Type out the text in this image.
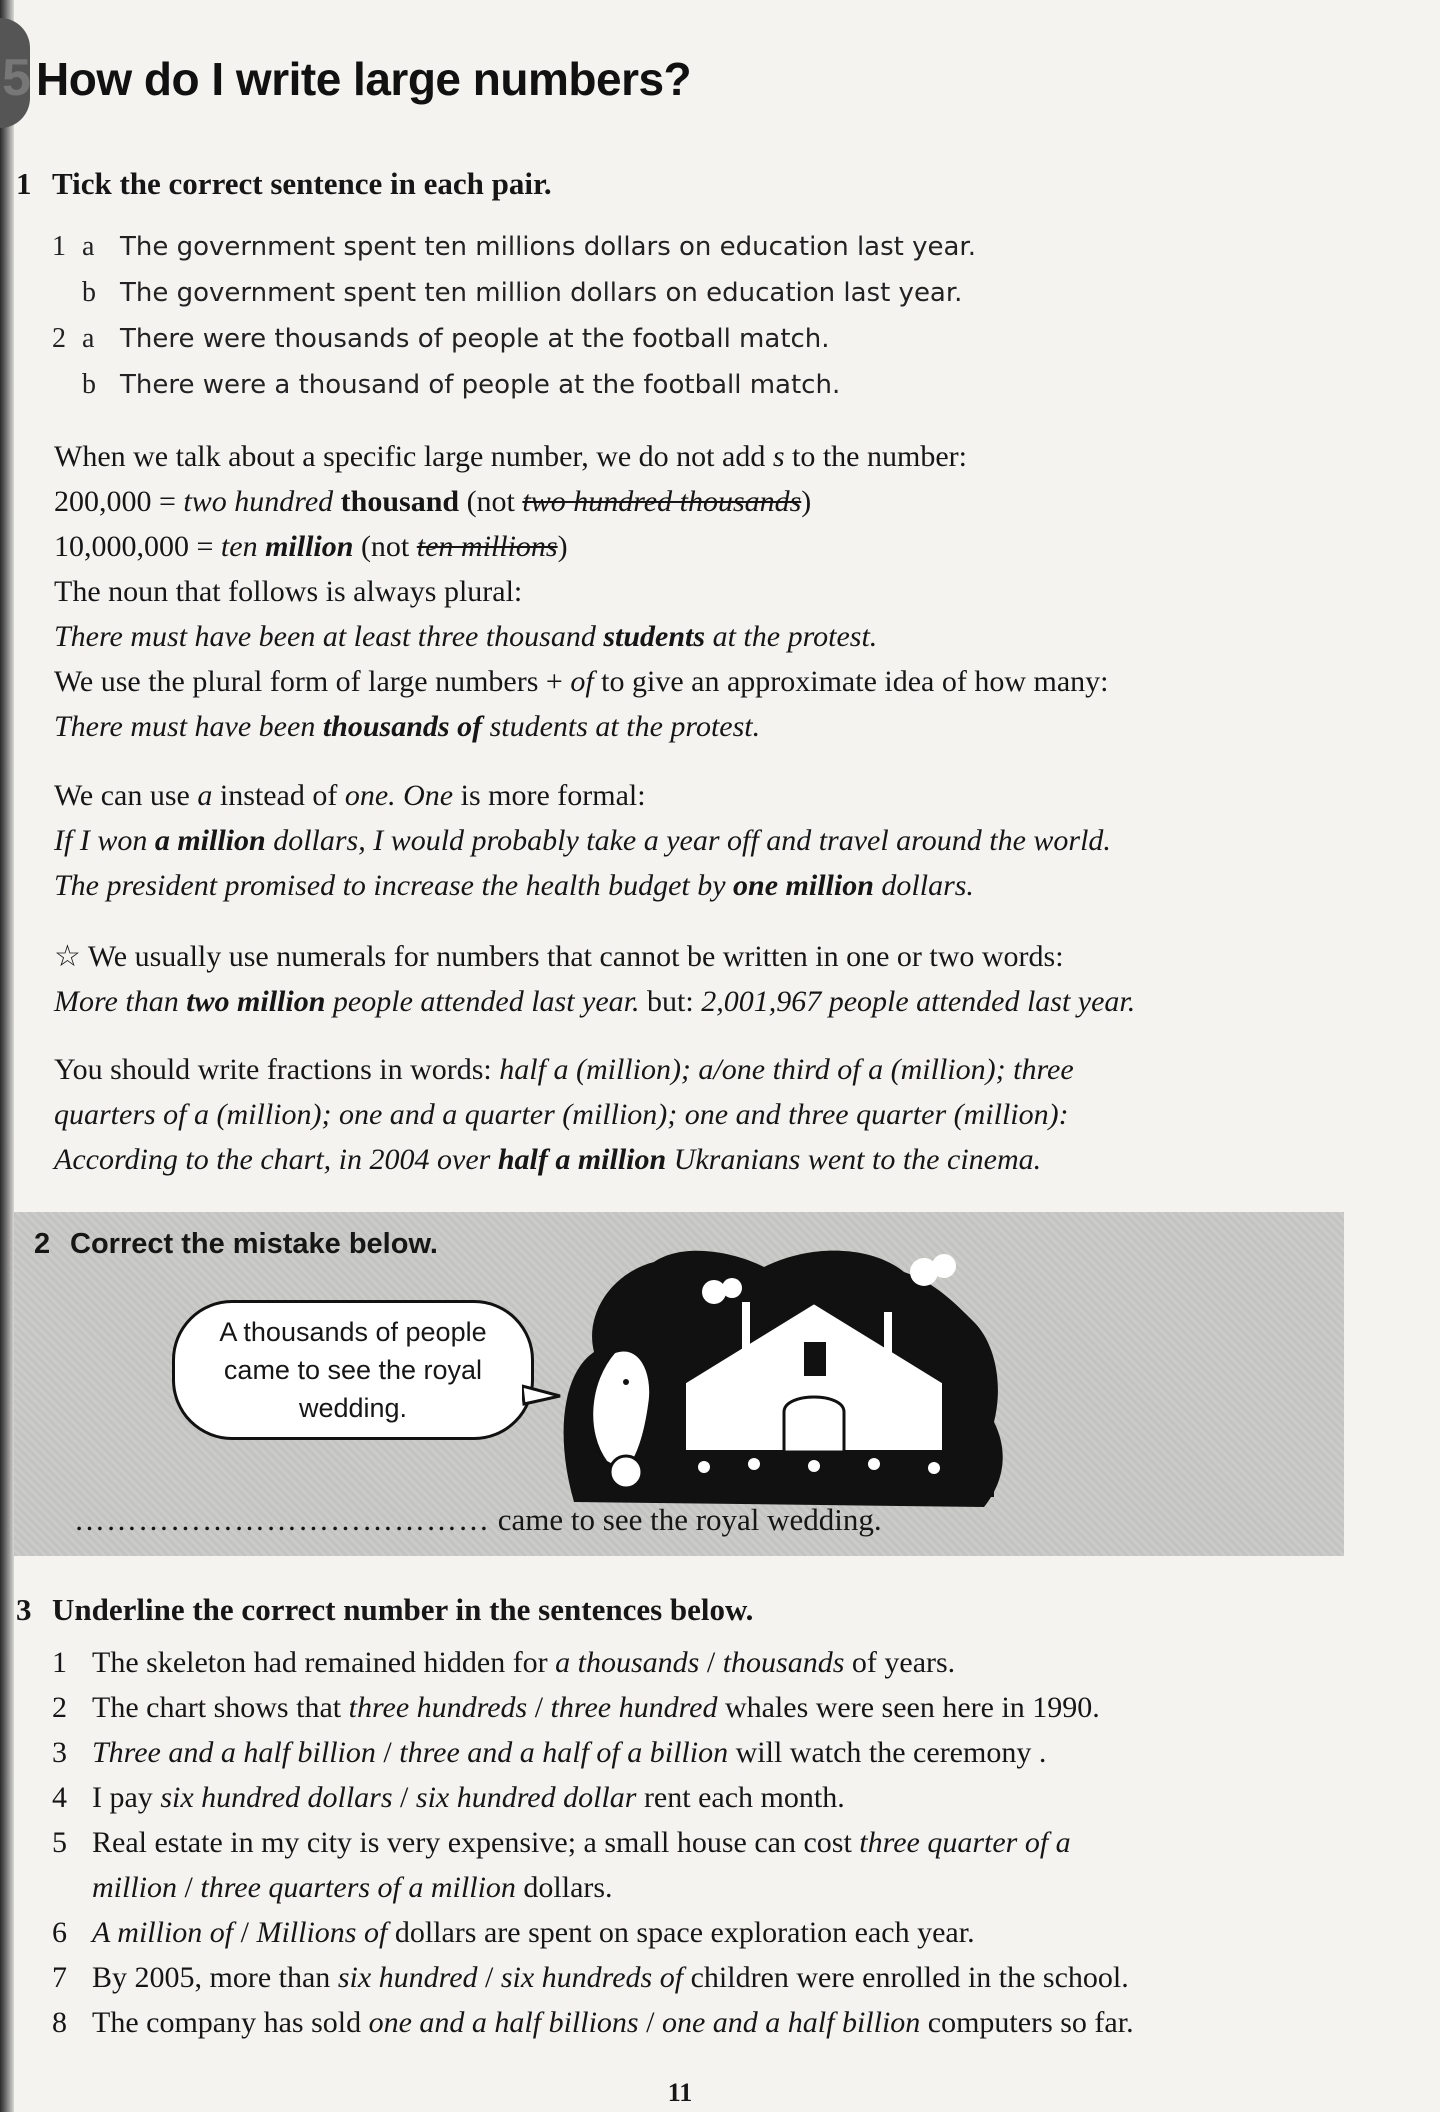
5 How do I write large numbers?
1 Tick the correct sentence in each pair.
1 a The government spent ten millions dollars on education last year.
b The government spent ten million dollars on education last year.
2 a There were thousands of people at the football match.
b There were a thousand of people at the football match.

When we talk about a specific large number, we do not add s to the number:

200,000 = two hundred thousand (not two hundred thousands)

10,000,000 = ten million (not ten millions)

The noun that follows is always plural:

There must have been at least three thousand students at the protest.

We use the plural form of large numbers + of to give an approximate idea of how many:

There must have been thousands of students at the protest.

We can use a instead of one. One is more formal:

If I won a million dollars, I would probably take a year off and travel around the world.

The president promised to increase the health budget by one million dollars.

☆ We usually use numerals for numbers that cannot be written in one or two words:

More than two million people attended last year. but: 2,001,967 people attended last year.

You should write fractions in words: half a (million); a/one third of a (million); three

quarters of a (million); one and a quarter (million); one and three quarter (million):

According to the chart, in 2004 over half a million Ukranians went to the cinema.

2 Correct the mistake below.
A thousands of people came to see the royal wedding.
………………………………… came to see the royal wedding.
3 Underline the correct number in the sentences below.
1 The skeleton had remained hidden for a thousands / thousands of years.
2 The chart shows that three hundreds / three hundred whales were seen here in 1990.
3 Three and a half billion / three and a half of a billion will watch the ceremony .
4 I pay six hundred dollars / six hundred dollar rent each month.
5 Real estate in my city is very expensive; a small house can cost three quarter of a
million / three quarters of a million dollars.
6 A million of / Millions of dollars are spent on space exploration each year.
7 By 2005, more than six hundred / six hundreds of children were enrolled in the school.
8 The company has sold one and a half billions / one and a half billion computers so far.
11
